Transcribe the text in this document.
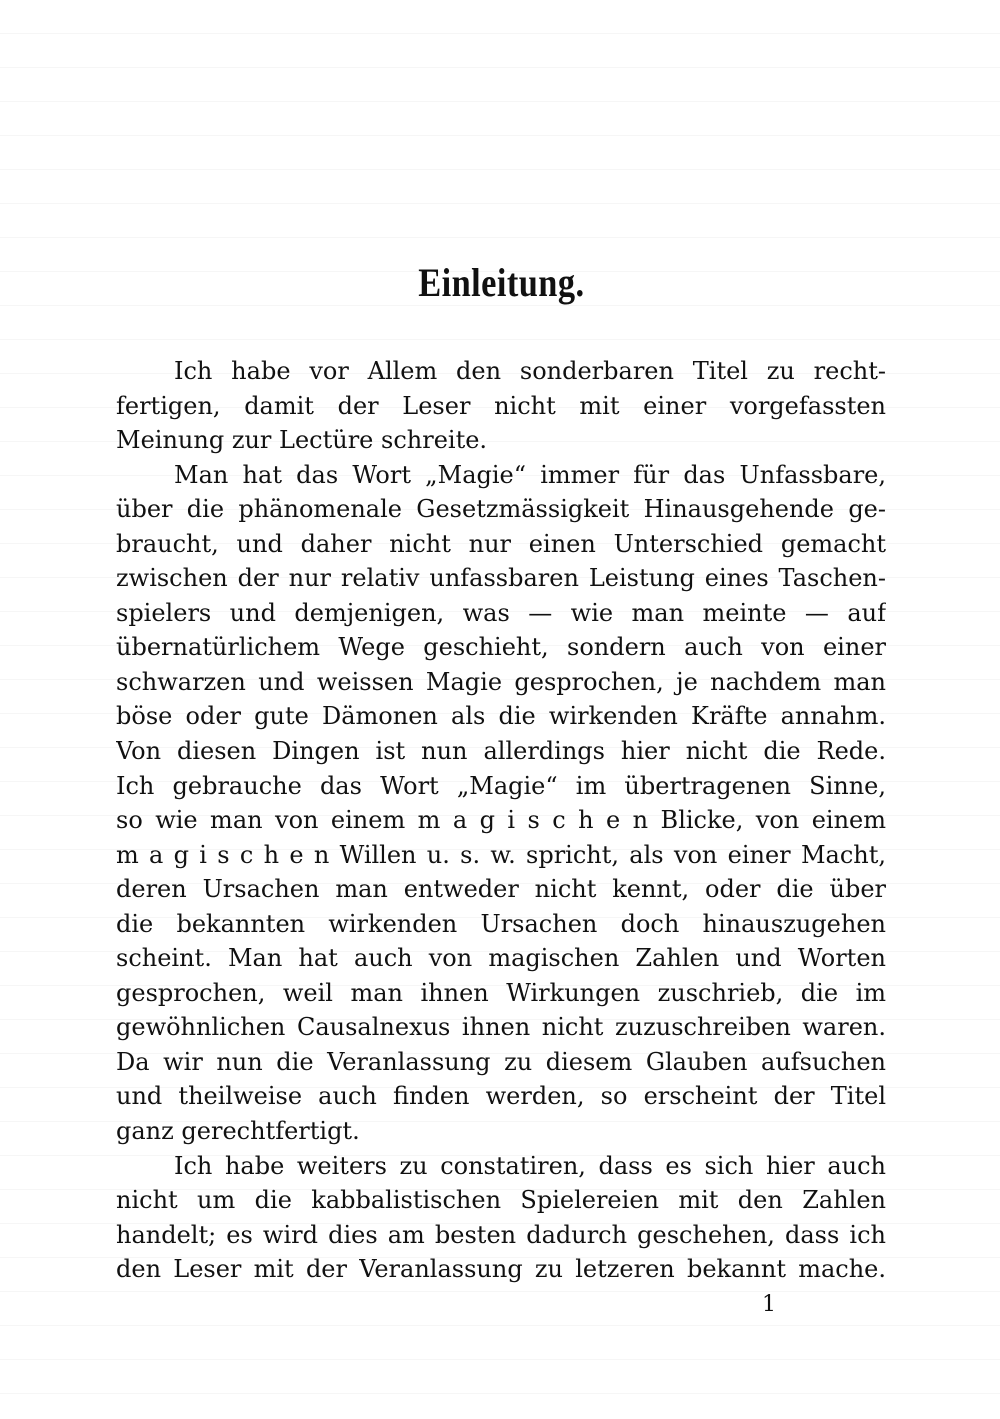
Einleitung.
Ich habe vor Allem den sonderbaren Titel zu recht-
fertigen, damit der Leser nicht mit einer vorgefassten
Meinung zur Lectüre schreite.
Man hat das Wort „Magie“ immer für das Unfassbare,
über die phänomenale Gesetzmässigkeit Hinausgehende ge-
braucht, und daher nicht nur einen Unterschied gemacht
zwischen der nur relativ unfassbaren Leistung eines Taschen-
spielers und demjenigen, was — wie man meinte — auf
übernatürlichem Wege geschieht, sondern auch von einer
schwarzen und weissen Magie gesprochen, je nachdem man
böse oder gute Dämonen als die wirkenden Kräfte annahm.
Von diesen Dingen ist nun allerdings hier nicht die Rede.
Ich gebrauche das Wort „Magie“ im übertragenen Sinne,
so wie man von einem m a g i s c h e n Blicke, von einem
m a g i s c h e n Willen u. s. w. spricht, als von einer Macht,
deren Ursachen man entweder nicht kennt, oder die über
die bekannten wirkenden Ursachen doch hinauszugehen
scheint. Man hat auch von magischen Zahlen und Worten
gesprochen, weil man ihnen Wirkungen zuschrieb, die im
gewöhnlichen Causalnexus ihnen nicht zuzuschreiben waren.
Da wir nun die Veranlassung zu diesem Glauben aufsuchen
und theilweise auch finden werden, so erscheint der Titel
ganz gerechtfertigt.
Ich habe weiters zu constatiren, dass es sich hier auch
nicht um die kabbalistischen Spielereien mit den Zahlen
handelt; es wird dies am besten dadurch geschehen, dass ich
den Leser mit der Veranlassung zu letzeren bekannt mache.
1
